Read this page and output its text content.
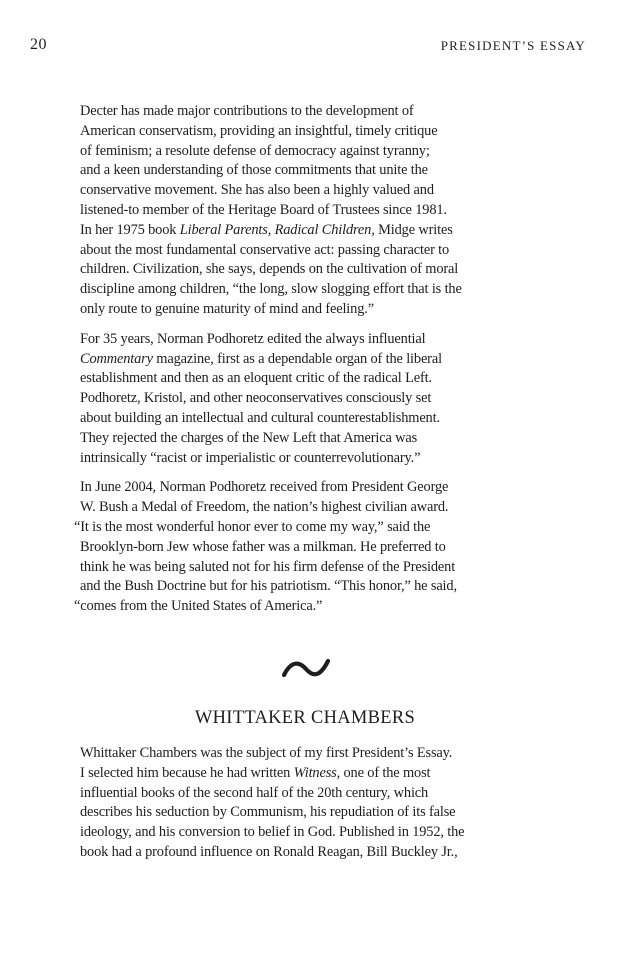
20	PRESIDENT’S ESSAY
Decter has made major contributions to the development of
American conservatism, providing an insightful, timely critique
of feminism; a resolute defense of democracy against tyranny;
and a keen understanding of those commitments that unite the
conservative movement. She has also been a highly valued and
listened-to member of the Heritage Board of Trustees since 1981.
In her 1975 book Liberal Parents, Radical Children, Midge writes
about the most fundamental conservative act: passing character to
children. Civilization, she says, depends on the cultivation of moral
discipline among children, “the long, slow slogging effort that is the
only route to genuine maturity of mind and feeling.”
For 35 years, Norman Podhoretz edited the always influential
Commentary magazine, first as a dependable organ of the liberal
establishment and then as an eloquent critic of the radical Left.
Podhoretz, Kristol, and other neoconservatives consciously set
about building an intellectual and cultural counterestablishment.
They rejected the charges of the New Left that America was
intrinsically “racist or imperialistic or counterrevolutionary.”
In June 2004, Norman Podhoretz received from President George
W. Bush a Medal of Freedom, the nation’s highest civilian award.
“It is the most wonderful honor ever to come my way,” said the
Brooklyn-born Jew whose father was a milkman. He preferred to
think he was being saluted not for his firm defense of the President
and the Bush Doctrine but for his patriotism. “This honor,” he said,
“comes from the United States of America.”
WHITTAKER CHAMBERS
Whittaker Chambers was the subject of my first President’s Essay.
I selected him because he had written Witness, one of the most
influential books of the second half of the 20th century, which
describes his seduction by Communism, his repudiation of its false
ideology, and his conversion to belief in God. Published in 1952, the
book had a profound influence on Ronald Reagan, Bill Buckley Jr.,
